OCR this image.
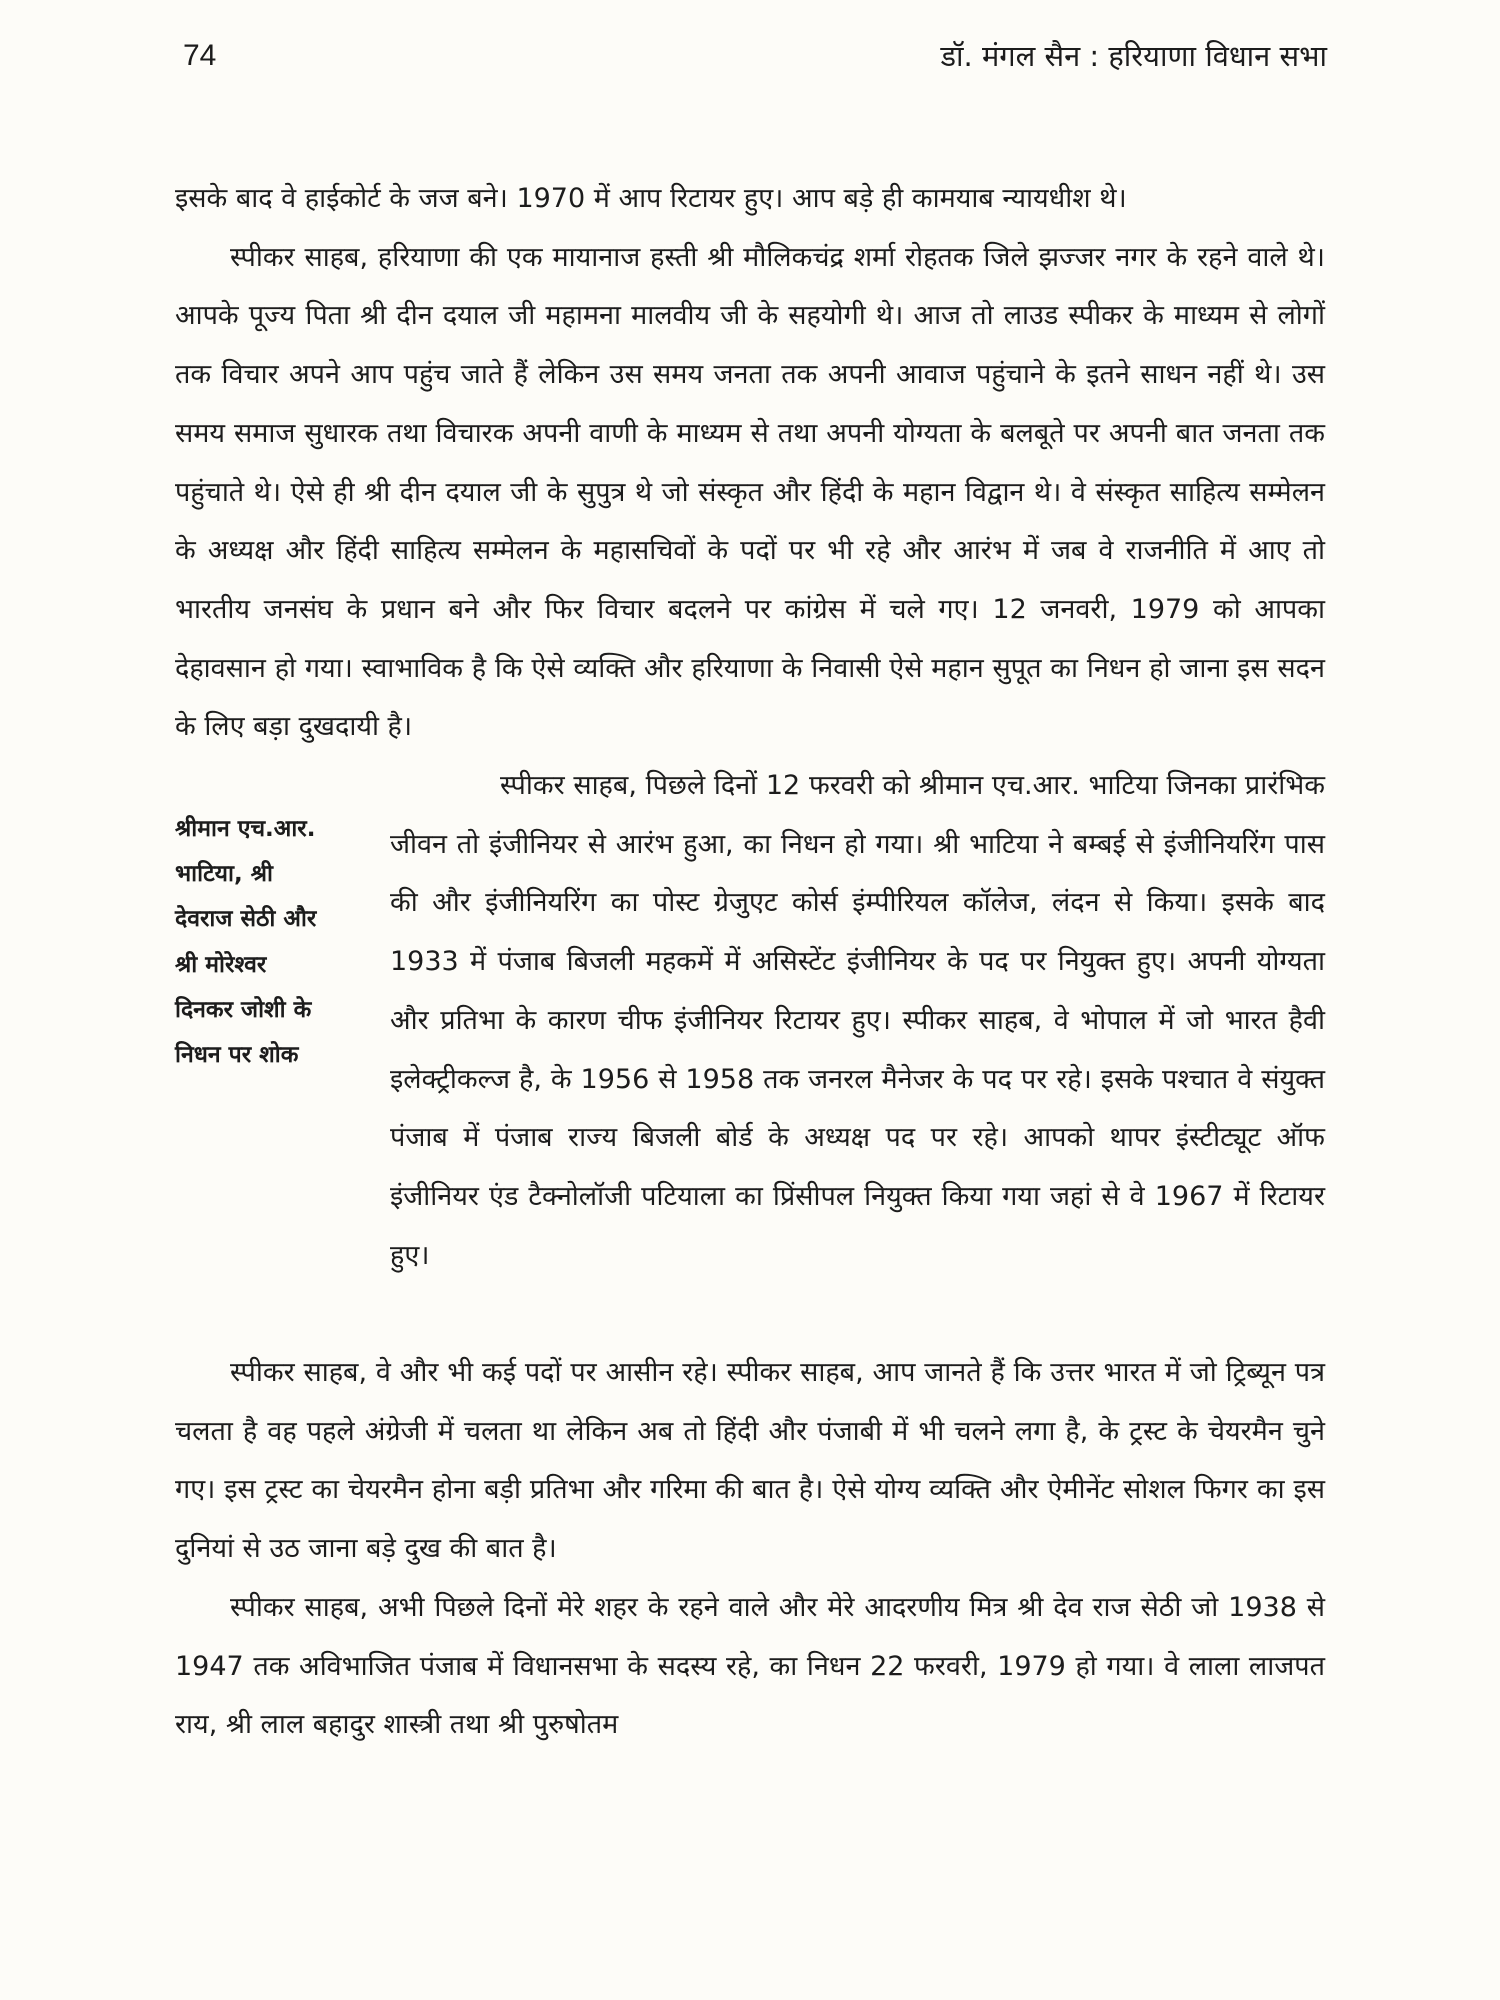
74	डॉ. मंगल सैन : हरियाणा विधान सभा

इसके बाद वे हाईकोर्ट के जज बने। 1970 में आप रिटायर हुए। आप बड़े ही कामयाब न्यायधीश थे।

स्पीकर साहब, हरियाणा की एक मायानाज हस्ती श्री मौलिकचंद्र शर्मा रोहतक जिले झज्जर नगर के रहने वाले थे। आपके पूज्य पिता श्री दीन दयाल जी महामना मालवीय जी के सहयोगी थे। आज तो लाउड स्पीकर के माध्यम से लोगों तक विचार अपने आप पहुंच जाते हैं लेकिन उस समय जनता तक अपनी आवाज पहुंचाने के इतने साधन नहीं थे। उस समय समाज सुधारक तथा विचारक अपनी वाणी के माध्यम से तथा अपनी योग्यता के बलबूते पर अपनी बात जनता तक पहुंचाते थे। ऐसे ही श्री दीन दयाल जी के सुपुत्र थे जो संस्कृत और हिंदी के महान विद्वान थे। वे संस्कृत साहित्य सम्मेलन के अध्यक्ष और हिंदी साहित्य सम्मेलन के महासचिवों के पदों पर भी रहे और आरंभ में जब वे राजनीति में आए तो भारतीय जनसंघ के प्रधान बने और फिर विचार बदलने पर कांग्रेस में चले गए। 12 जनवरी, 1979 को आपका देहावसान हो गया। स्वाभाविक है कि ऐसे व्यक्ति और हरियाणा के निवासी ऐसे महान सुपूत का निधन हो जाना इस सदन के लिए बड़ा दुखदायी है।

श्रीमान एच.आर. भाटिया, श्री देवराज सेठी और श्री मोरेश्वर दिनकर जोशी के निधन पर शोक

स्पीकर साहब, पिछले दिनों 12 फरवरी को श्रीमान एच.आर. भाटिया जिनका प्रारंभिक जीवन तो इंजीनियर से आरंभ हुआ, का निधन हो गया। श्री भाटिया ने बम्बई से इंजीनियरिंग पास की और इंजीनियरिंग का पोस्ट ग्रेजुएट कोर्स इंम्पीरियल कॉलेज, लंदन से किया। इसके बाद 1933 में पंजाब बिजली महकमें में असिस्टेंट इंजीनियर के पद पर नियुक्त हुए। अपनी योग्यता और प्रतिभा के कारण चीफ इंजीनियर रिटायर हुए। स्पीकर साहब, वे भोपाल में जो भारत हैवी इलेक्ट्रीकल्ज है, के 1956 से 1958 तक जनरल मैनेजर के पद पर रहे। इसके पश्चात वे संयुक्त पंजाब में पंजाब राज्य बिजली बोर्ड के अध्यक्ष पद पर रहे। आपको थापर इंस्टीट्यूट ऑफ इंजीनियर एंड टैक्नोलॉजी पटियाला का प्रिंसीपल नियुक्त किया गया जहां से वे 1967 में रिटायर हुए।

स्पीकर साहब, वे और भी कई पदों पर आसीन रहे। स्पीकर साहब, आप जानते हैं कि उत्तर भारत में जो ट्रिब्यून पत्र चलता है वह पहले अंग्रेजी में चलता था लेकिन अब तो हिंदी और पंजाबी में भी चलने लगा है, के ट्रस्ट के चेयरमैन चुने गए। इस ट्रस्ट का चेयरमैन होना बड़ी प्रतिभा और गरिमा की बात है। ऐसे योग्य व्यक्ति और ऐमीनेंट सोशल फिगर का इस दुनियां से उठ जाना बड़े दुख की बात है।

स्पीकर साहब, अभी पिछले दिनों मेरे शहर के रहने वाले और मेरे आदरणीय मित्र श्री देव राज सेठी जो 1938 से 1947 तक अविभाजित पंजाब में विधानसभा के सदस्य रहे, का निधन 22 फरवरी, 1979 हो गया। वे लाला लाजपत राय, श्री लाल बहादुर शास्त्री तथा श्री पुरुषोतम
